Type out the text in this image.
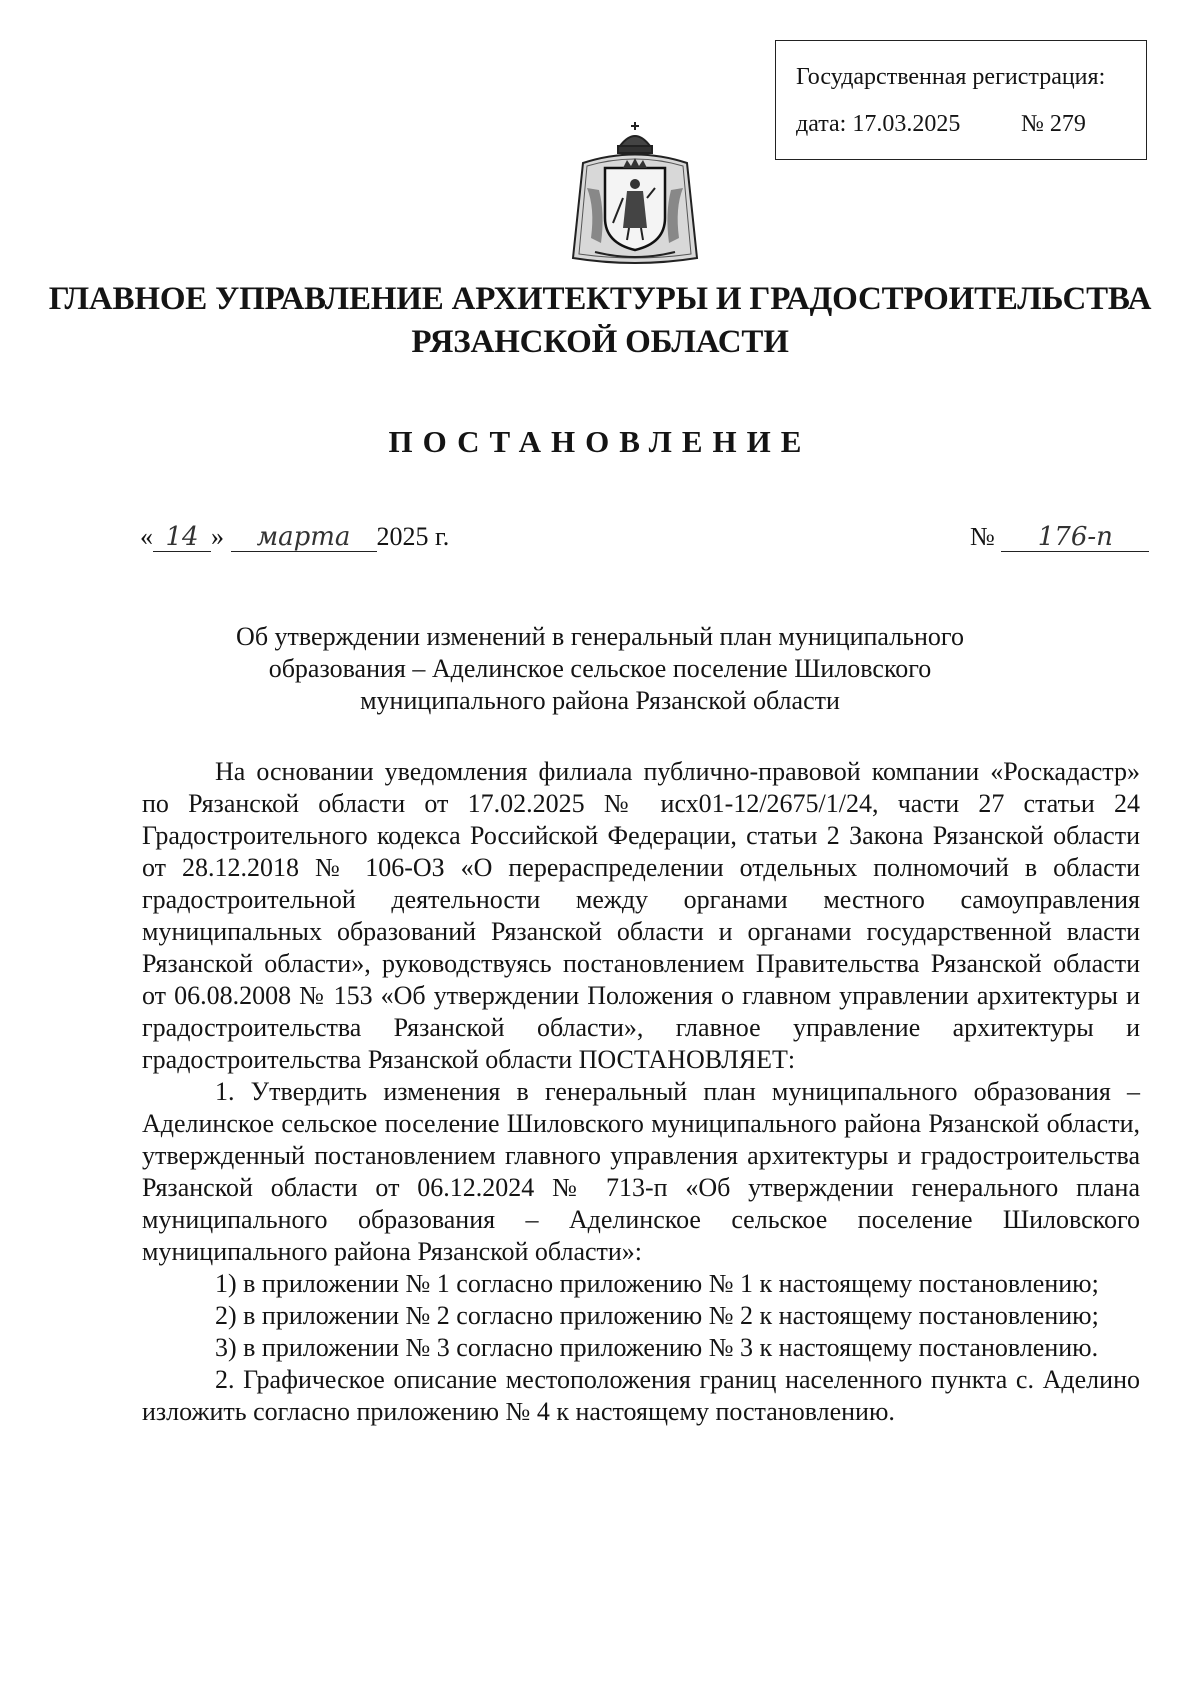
Государственная регистрация:
дата: 17.03.2025	№ 279
ГЛАВНОЕ УПРАВЛЕНИЕ АРХИТЕКТУРЫ И ГРАДОСТРОИТЕЛЬСТВА
РЯЗАНСКОЙ ОБЛАСТИ
ПОСТАНОВЛЕНИЕ
« 14 » марта 2025 г.	№ 176-п
Об утверждении изменений в генеральный план муниципального
образования – Аделинское сельское поселение Шиловского
муниципального района Рязанской области

На основании уведомления филиала публично-правовой компании «Роскадастр» по Рязанской области от 17.02.2025 № исх01-12/2675/1/24, части 27 статьи 24 Градостроительного кодекса Российской Федерации, статьи 2 Закона Рязанской области от 28.12.2018 № 106-ОЗ «О перераспределении отдельных полномочий в области градостроительной деятельности между органами местного самоуправления муниципальных образований Рязанской области и органами государственной власти Рязанской области», руководствуясь постановлением Правительства Рязанской области от 06.08.2008 № 153 «Об утверждении Положения о главном управлении архитектуры и градостроительства Рязанской области», главное управление архитектуры и градостроительства Рязанской области ПОСТАНОВЛЯЕТ:

1. Утвердить изменения в генеральный план муниципального образования – Аделинское сельское поселение Шиловского муниципального района Рязанской области, утвержденный постановлением главного управления архитектуры и градостроительства Рязанской области от 06.12.2024 № 713-п «Об утверждении генерального плана муниципального образования – Аделинское сельское поселение Шиловского муниципального района Рязанской области»:

1) в приложении № 1 согласно приложению № 1 к настоящему постановлению;

2) в приложении № 2 согласно приложению № 2 к настоящему постановлению;

3) в приложении № 3 согласно приложению № 3 к настоящему постановлению.

2. Графическое описание местоположения границ населенного пункта с. Аделино изложить согласно приложению № 4 к настоящему постановлению.
